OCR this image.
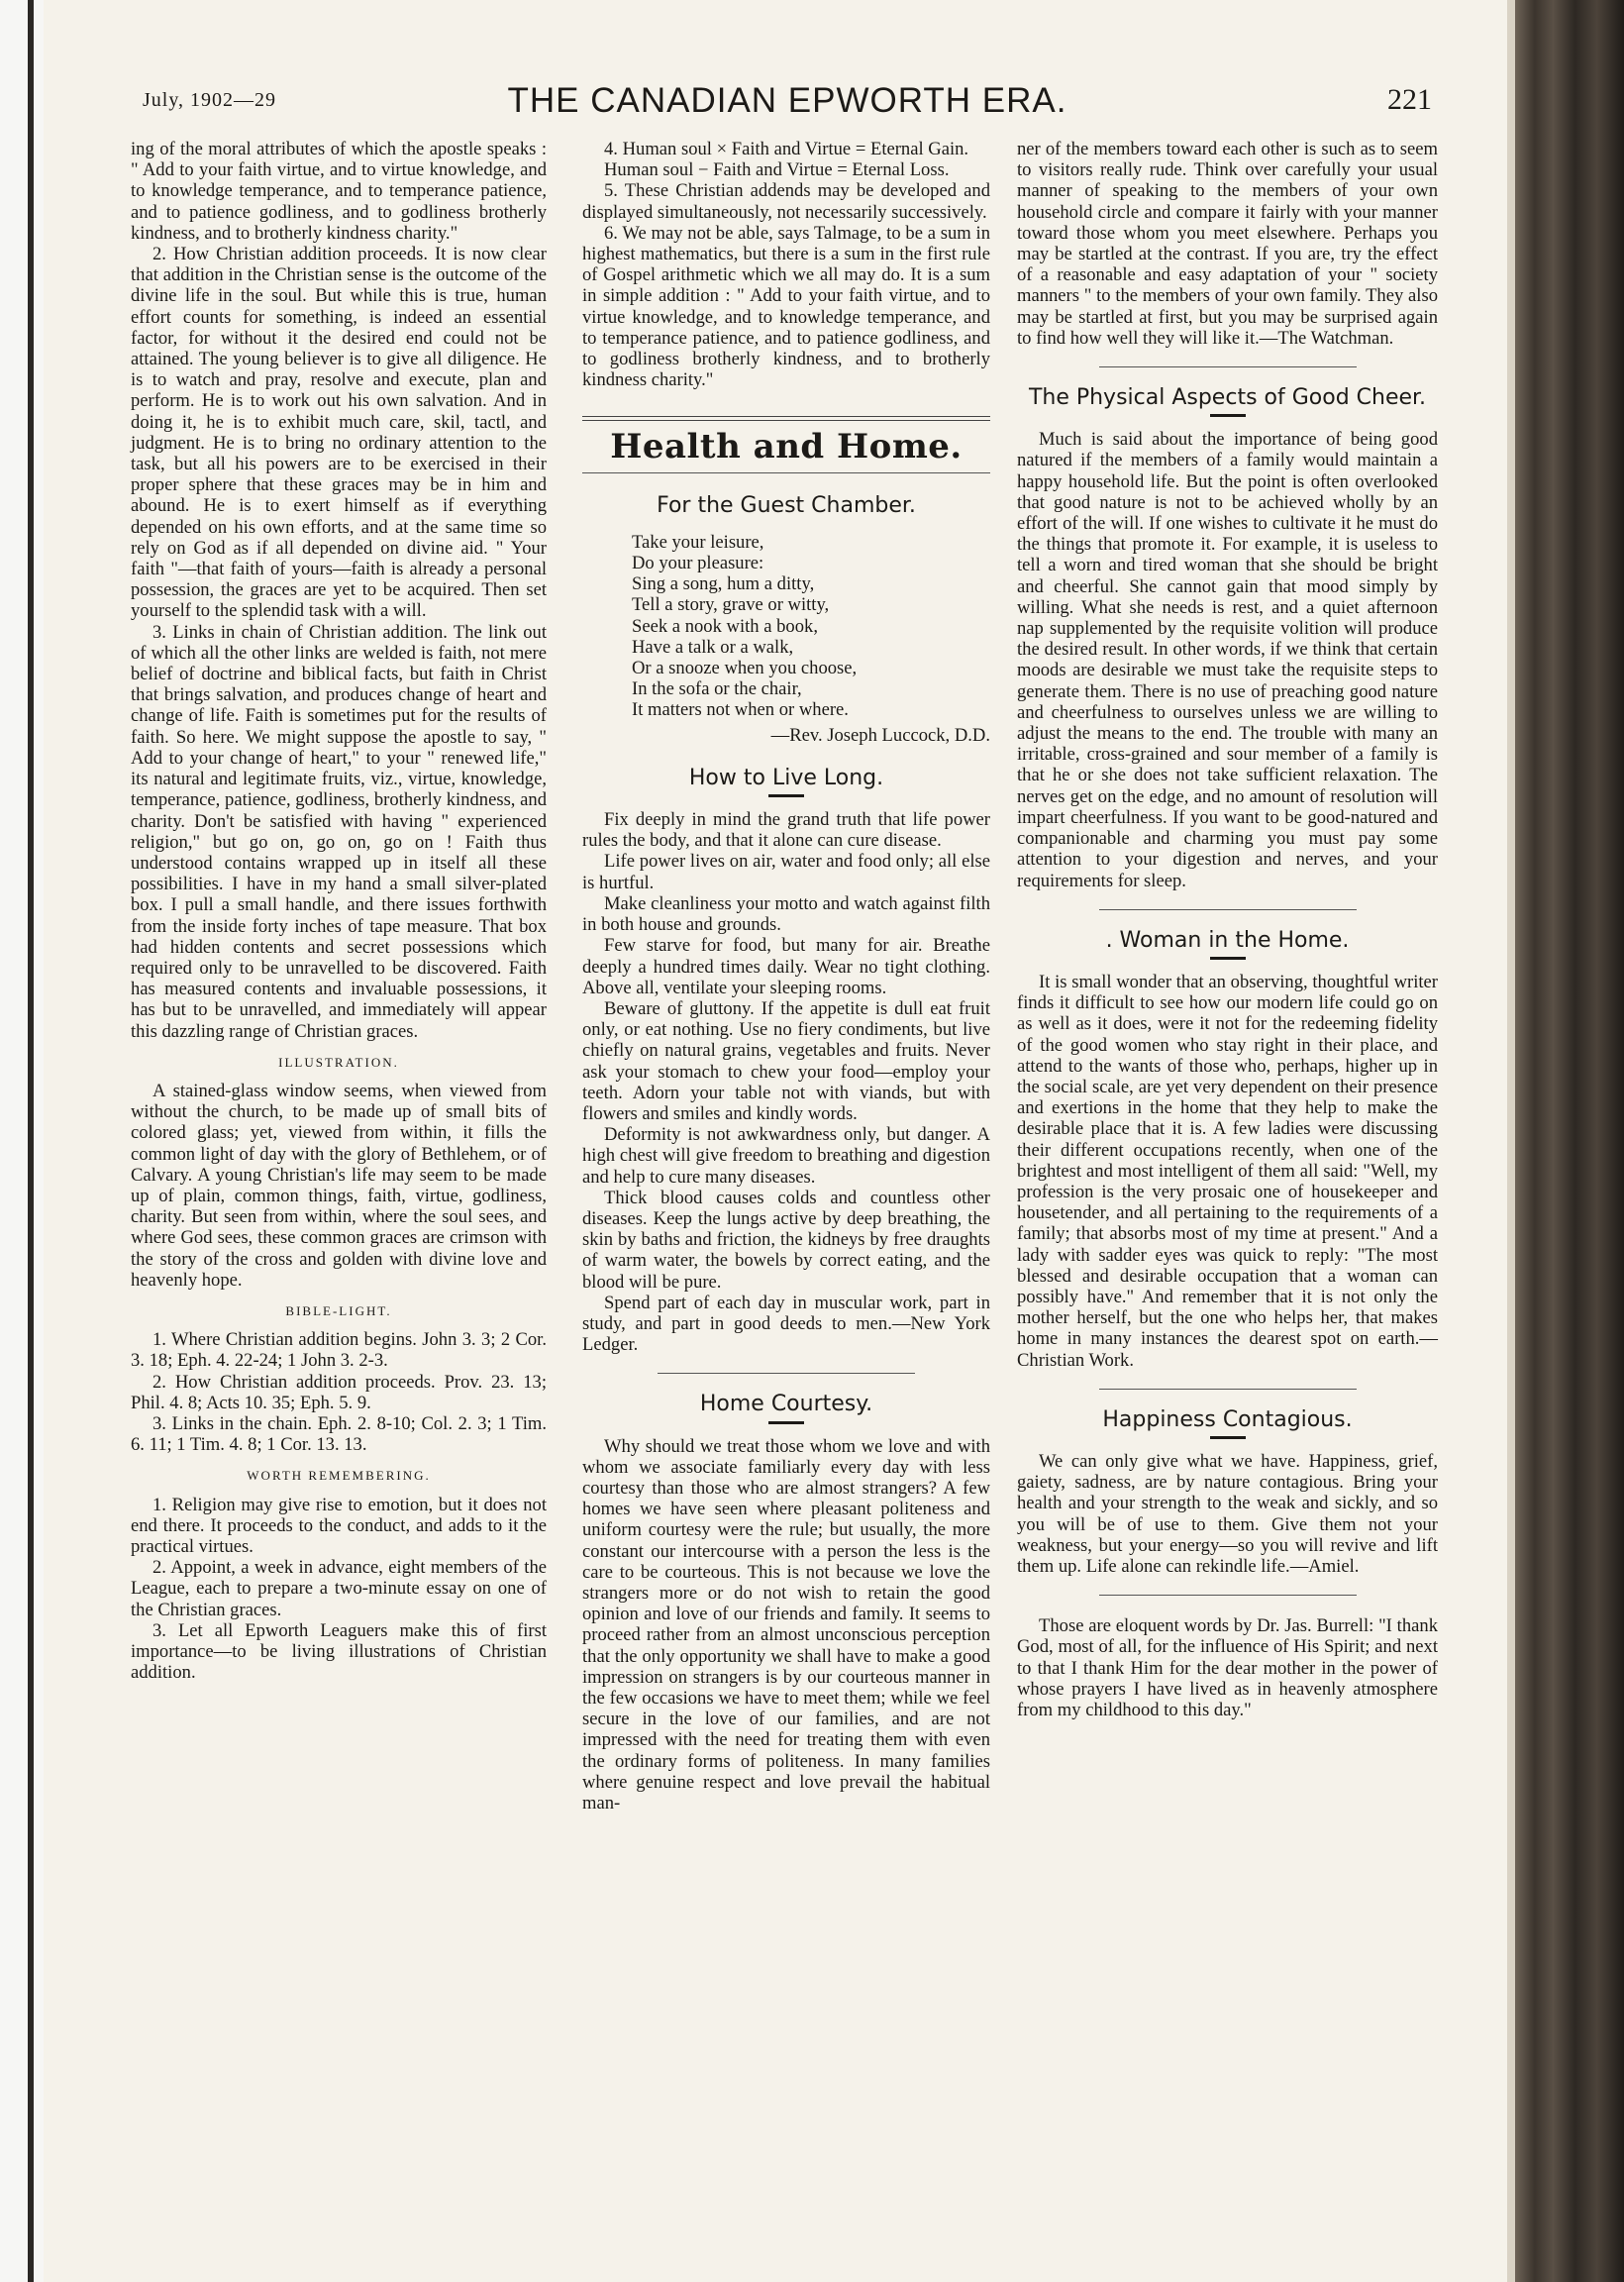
July, 1902—29	THE CANADIAN EPWORTH ERA.	221

ing of the moral attributes of which the apostle speaks : " Add to your faith virtue, and to virtue knowledge, and to knowledge temperance, and to temperance patience, and to patience godliness, and to godliness brotherly kindness, and to brotherly kindness charity."

2. How Christian addition proceeds. It is now clear that addition in the Christian sense is the outcome of the divine life in the soul. But while this is true, human effort counts for something, is indeed an essential factor, for without it the desired end could not be attained. The young believer is to give all diligence. He is to watch and pray, resolve and execute, plan and perform. He is to work out his own salvation. And in doing it, he is to exhibit much care, skil, tactl, and judgment. He is to bring no ordinary attention to the task, but all his powers are to be exercised in their proper sphere that these graces may be in him and abound. He is to exert himself as if everything depended on his own efforts, and at the same time so rely on God as if all depended on divine aid. " Your faith "—that faith of yours—faith is already a personal possession, the graces are yet to be acquired. Then set yourself to the splendid task with a will.

3. Links in chain of Christian addition. The link out of which all the other links are welded is faith, not mere belief of doctrine and biblical facts, but faith in Christ that brings salvation, and produces change of heart and change of life. Faith is sometimes put for the results of faith. So here. We might suppose the apostle to say, " Add to your change of heart," to your " renewed life," its natural and legitimate fruits, viz., virtue, knowledge, temperance, patience, godliness, brotherly kindness, and charity. Don't be satisfied with having " experienced religion," but go on, go on, go on ! Faith thus understood contains wrapped up in itself all these possibilities. I have in my hand a small silver-plated box. I pull a small handle, and there issues forthwith from the inside forty inches of tape measure. That box had hidden contents and secret possessions which required only to be unravelled to be discovered. Faith has measured contents and invaluable possessions, it has but to be unravelled, and immediately will appear this dazzling range of Christian graces.

ILLUSTRATION.

A stained-glass window seems, when viewed from without the church, to be made up of small bits of colored glass; yet, viewed from within, it fills the common light of day with the glory of Bethlehem, or of Calvary. A young Christian's life may seem to be made up of plain, common things, faith, virtue, godliness, charity. But seen from within, where the soul sees, and where God sees, these common graces are crimson with the story of the cross and golden with divine love and heavenly hope.

BIBLE-LIGHT.

1. Where Christian addition begins. John 3. 3; 2 Cor. 3. 18; Eph. 4. 22-24; 1 John 3. 2-3.

2. How Christian addition proceeds. Prov. 23. 13; Phil. 4. 8; Acts 10. 35; Eph. 5. 9.

3. Links in the chain. Eph. 2. 8-10; Col. 2. 3; 1 Tim. 6. 11; 1 Tim. 4. 8; 1 Cor. 13. 13.

WORTH REMEMBERING.

1. Religion may give rise to emotion, but it does not end there. It proceeds to the conduct, and adds to it the practical virtues.

2. Appoint, a week in advance, eight members of the League, each to prepare a two-minute essay on one of the Christian graces.

3. Let all Epworth Leaguers make this of first importance—to be living illustrations of Christian addition.

4. Human soul × Faith and Virtue = Eternal Gain.

Human soul − Faith and Virtue = Eternal Loss.

5. These Christian addends may be developed and displayed simultaneously, not necessarily successively.

6. We may not be able, says Talmage, to be a sum in highest mathematics, but there is a sum in the first rule of Gospel arithmetic which we all may do. It is a sum in simple addition : " Add to your faith virtue, and to virtue knowledge, and to knowledge temperance, and to temperance patience, and to patience godliness, and to godliness brotherly kindness, and to brotherly kindness charity."

Health and Home.
For the Guest Chamber.
Take your leisure,
Do your pleasure:
Sing a song, hum a ditty,
Tell a story, grave or witty,
Seek a nook with a book,
Have a talk or a walk,
Or a snooze when you choose,
In the sofa or the chair,
It matters not when or where.
—Rev. Joseph Luccock, D.D.
How to Live Long.

Fix deeply in mind the grand truth that life power rules the body, and that it alone can cure disease.

Life power lives on air, water and food only; all else is hurtful.

Make cleanliness your motto and watch against filth in both house and grounds.

Few starve for food, but many for air. Breathe deeply a hundred times daily. Wear no tight clothing. Above all, ventilate your sleeping rooms.

Beware of gluttony. If the appetite is dull eat fruit only, or eat nothing. Use no fiery condiments, but live chiefly on natural grains, vegetables and fruits. Never ask your stomach to chew your food—employ your teeth. Adorn your table not with viands, but with flowers and smiles and kindly words.

Deformity is not awkwardness only, but danger. A high chest will give freedom to breathing and digestion and help to cure many diseases.

Thick blood causes colds and countless other diseases. Keep the lungs active by deep breathing, the skin by baths and friction, the kidneys by free draughts of warm water, the bowels by correct eating, and the blood will be pure.

Spend part of each day in muscular work, part in study, and part in good deeds to men.—New York Ledger.

Home Courtesy.

Why should we treat those whom we love and with whom we associate familiarly every day with less courtesy than those who are almost strangers? A few homes we have seen where pleasant politeness and uniform courtesy were the rule; but usually, the more constant our intercourse with a person the less is the care to be courteous. This is not because we love the strangers more or do not wish to retain the good opinion and love of our friends and family. It seems to proceed rather from an almost unconscious perception that the only opportunity we shall have to make a good impression on strangers is by our courteous manner in the few occasions we have to meet them; while we feel secure in the love of our families, and are not impressed with the need for treating them with even the ordinary forms of politeness. In many families where genuine respect and love prevail the habitual man-

ner of the members toward each other is such as to seem to visitors really rude. Think over carefully your usual manner of speaking to the members of your own household circle and compare it fairly with your manner toward those whom you meet elsewhere. Perhaps you may be startled at the contrast. If you are, try the effect of a reasonable and easy adaptation of your " society manners " to the members of your own family. They also may be startled at first, but you may be surprised again to find how well they will like it.—The Watchman.

The Physical Aspects of Good Cheer.

Much is said about the importance of being good natured if the members of a family would maintain a happy household life. But the point is often overlooked that good nature is not to be achieved wholly by an effort of the will. If one wishes to cultivate it he must do the things that promote it. For example, it is useless to tell a worn and tired woman that she should be bright and cheerful. She cannot gain that mood simply by willing. What she needs is rest, and a quiet afternoon nap supplemented by the requisite volition will produce the desired result. In other words, if we think that certain moods are desirable we must take the requisite steps to generate them. There is no use of preaching good nature and cheerfulness to ourselves unless we are willing to adjust the means to the end. The trouble with many an irritable, cross-grained and sour member of a family is that he or she does not take sufficient relaxation. The nerves get on the edge, and no amount of resolution will impart cheerfulness. If you want to be good-natured and companionable and charming you must pay some attention to your digestion and nerves, and your requirements for sleep.

. Woman in the Home.

It is small wonder that an observing, thoughtful writer finds it difficult to see how our modern life could go on as well as it does, were it not for the redeeming fidelity of the good women who stay right in their place, and attend to the wants of those who, perhaps, higher up in the social scale, are yet very dependent on their presence and exertions in the home that they help to make the desirable place that it is. A few ladies were discussing their different occupations recently, when one of the brightest and most intelligent of them all said: "Well, my profession is the very prosaic one of housekeeper and housetender, and all pertaining to the requirements of a family; that absorbs most of my time at present." And a lady with sadder eyes was quick to reply: "The most blessed and desirable occupation that a woman can possibly have." And remember that it is not only the mother herself, but the one who helps her, that makes home in many instances the dearest spot on earth.—Christian Work.

Happiness Contagious.

We can only give what we have. Happiness, grief, gaiety, sadness, are by nature contagious. Bring your health and your strength to the weak and sickly, and so you will be of use to them. Give them not your weakness, but your energy—so you will revive and lift them up. Life alone can rekindle life.—Amiel.

Those are eloquent words by Dr. Jas. Burrell: "I thank God, most of all, for the influence of His Spirit; and next to that I thank Him for the dear mother in the power of whose prayers I have lived as in heavenly atmosphere from my childhood to this day."
